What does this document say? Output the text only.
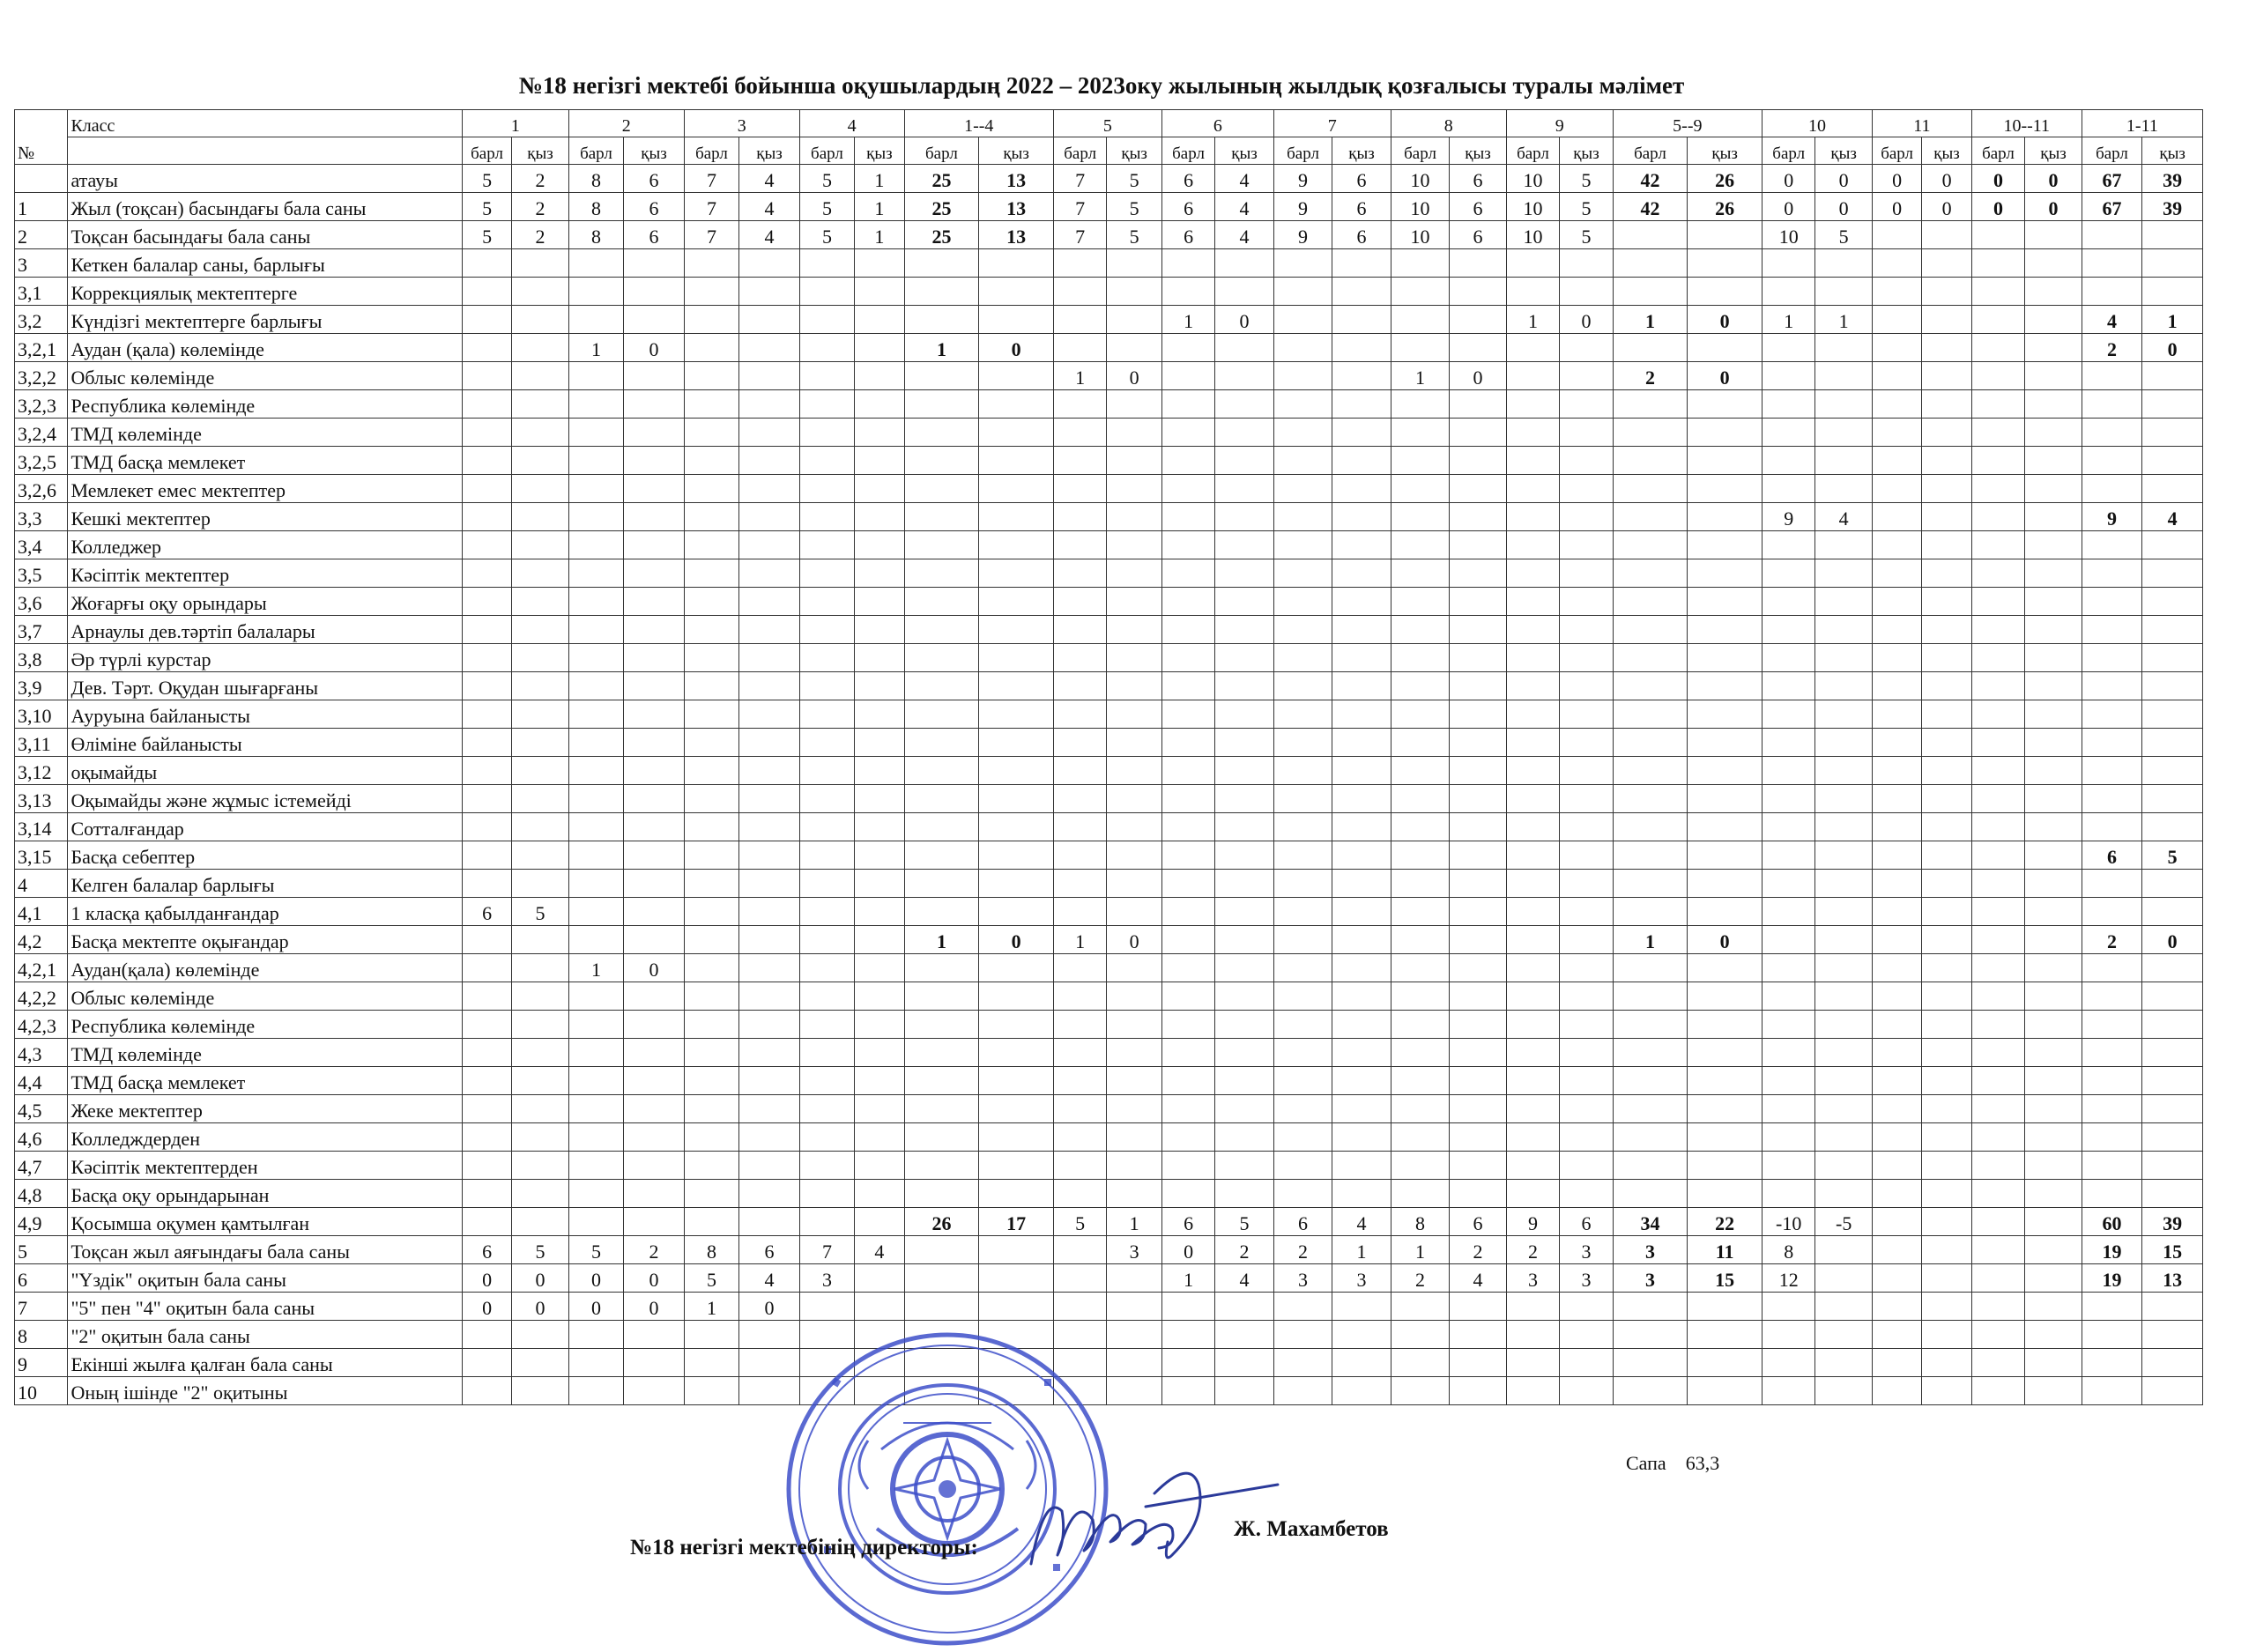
№18 негізгі мектебі бойынша оқушылардың 2022 – 2023оку жылының жылдық қозғалысы туралы мәлімет
№	Класс	1		2		3		4		1--4		5		6		7		8		9		5--9		10		11		10--11		1-11	
		барл	қыз	барл	қыз	барл	қыз	барл	қыз	барл	қыз	барл	қыз	барл	қыз	барл	қыз	барл	қыз	барл	қыз	барл	қыз	барл	қыз	барл	қыз	барл	қыз	барл	қыз
	атауы	5	2	8	6	7	4	5	1	25	13	7	5	6	4	9	6	10	6	10	5	42	26	0	0	0	0	0	0	67	39
1	Жыл (тоқсан) басындағы бала саны	5	2	8	6	7	4	5	1	25	13	7	5	6	4	9	6	10	6	10	5	42	26	0	0	0	0	0	0	67	39
2	Тоқсан басындағы бала саны	5	2	8	6	7	4	5	1	25	13	7	5	6	4	9	6	10	6	10	5			10	5						
3	Кеткен балалар саны, барлығы																														
3,1	Коррекциялық мектептерге																														
3,2	Күндізгі мектептерге барлығы													1	0					1	0	1	0	1	1					4	1
3,2,1	Аудан (қала) көлемінде			1	0					1	0																			2	0
3,2,2	Облыс көлемінде											1	0					1	0			2	0								
3,2,3	Республика көлемінде																														
3,2,4	ТМД көлемінде																														
3,2,5	ТМД басқа мемлекет																														
3,2,6	Мемлекет емес мектептер																														
3,3	Кешкі мектептер																							9	4					9	4
3,4	Колледжер																														
3,5	Кәсіптік мектептер																														
3,6	Жоғарғы оқу орындары																														
3,7	Арнаулы дев.тәртіп балалары																														
3,8	Әр түрлі курстар																														
3,9	Дев. Тәрт. Оқудан шығарғаны																														
3,10	Ауруына байланысты																														
3,11	Өліміне байланысты																														
3,12	оқымайды																														
3,13	Оқымайды және жұмыс істемейді																														
3,14	Сотталғандар																														
3,15	Басқа себептер																													6	5
4	Келген балалар барлығы																														
4,1	1 класқа қабылданғандар	6	5																												
4,2	Басқа мектепте оқығандар									1	0	1	0									1	0							2	0
4,2,1	Аудан(қала) көлемінде			1	0																										
4,2,2	Облыс көлемінде																														
4,2,3	Республика көлемінде																														
4,3	ТМД көлемінде																														
4,4	ТМД басқа мемлекет																														
4,5	Жеке мектептер																														
4,6	Колледждерден																														
4,7	Кәсіптік мектептерден																														
4,8	Басқа оқу орындарынан																														
4,9	Қосымша оқумен қамтылған									26	17	5	1	6	5	6	4	8	6	9	6	34	22	-10	-5					60	39
5	Тоқсан жыл аяғындағы бала саны	6	5	5	2	8	6	7	4				3	0	2	2	1	1	2	2	3	3	11	8						19	15
6	"Үздік" оқитын бала саны	0	0	0	0	5	4	3						1	4	3	3	2	4	3	3	3	15	12						19	13
7	"5" пен "4" оқитын бала саны	0	0	0	0	1	0																								
8	"2" оқитын бала саны																														
9	Екінші жылға қалған бала саны																														
10	Оның ішінде "2" оқитыны																														
Сапа 63,3
№18 негізгі мектебінің директоры:
Ж. Махамбетов
